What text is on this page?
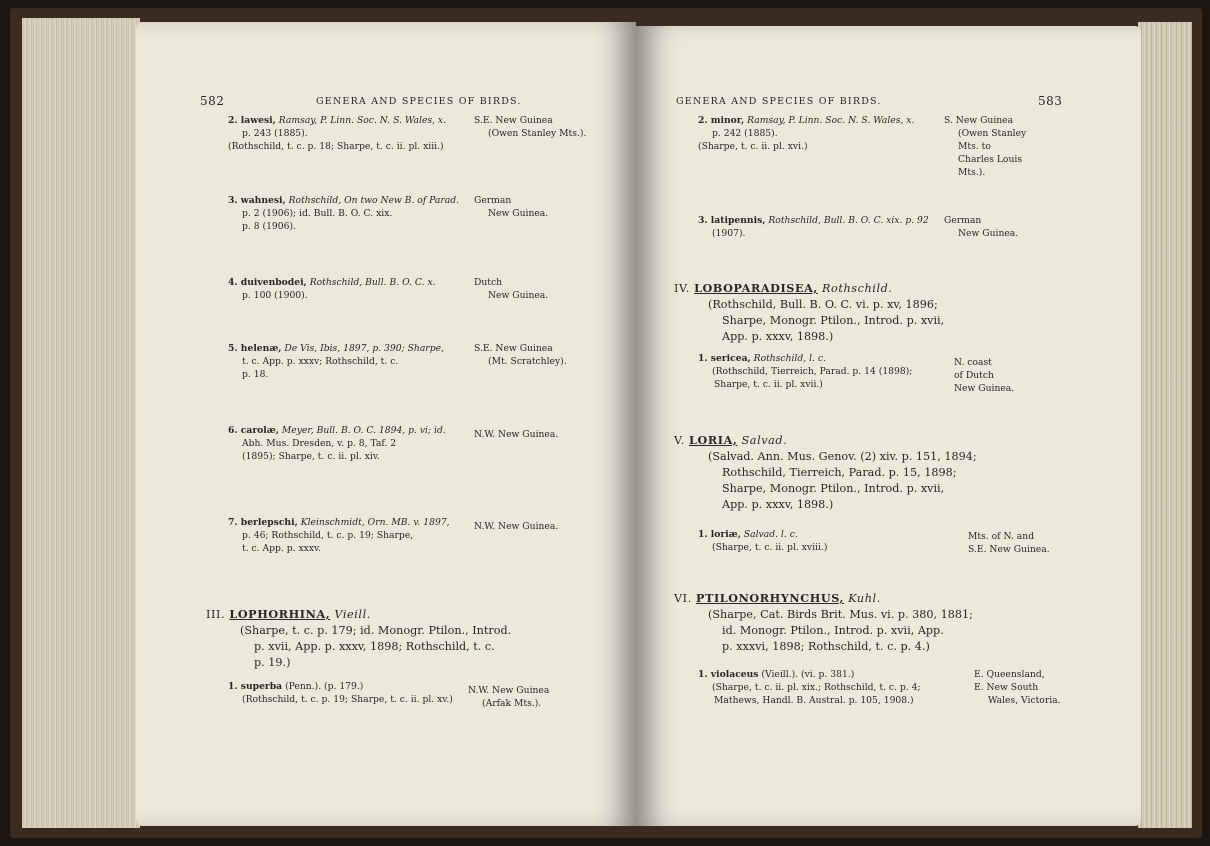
582	GENERA AND SPECIES OF BIRDS.
2. lawesi, Ramsay, P. Linn. Soc. N. S. Wales, x.
p. 243 (1885).
(Rothschild, t. c. p. 18; Sharpe, t. c. ii. pl. xiii.)
S.E. New Guinea
(Owen Stanley Mts.).
3. wahnesi, Rothschild, On two New B. of Parad.
p. 2 (1906); id. Bull. B. O. C. xix.
p. 8 (1906).
German
New Guinea.
4. duivenbodei, Rothschild, Bull. B. O. C. x.
p. 100 (1900).
Dutch
New Guinea.
5. helenæ, De Vis, Ibis, 1897, p. 390; Sharpe,
t. c. App. p. xxxv; Rothschild, t. c.
p. 18.
S.E. New Guinea
(Mt. Scratchley).
6. carolæ, Meyer, Bull. B. O. C. 1894, p. vi; id.
Abh. Mus. Dresden, v. p. 8, Taf. 2
(1895); Sharpe, t. c. ii. pl. xiv.
N.W. New Guinea.
7. berlepschi, Kleinschmidt, Orn. MB. v. 1897,
p. 46; Rothschild, t. c. p. 19; Sharpe,
t. c. App. p. xxxv.
N.W. New Guinea.
III. LOPHORHINA, Vieill.
(Sharpe, t. c. p. 179; id. Monogr. Ptilon., Introd.
p. xvii, App. p. xxxv, 1898; Rothschild, t. c.
p. 19.)
1. superba (Penn.). (p. 179.)
(Rothschild, t. c. p. 19; Sharpe, t. c. ii. pl. xv.)
N.W. New Guinea
(Arfak Mts.).
GENERA AND SPECIES OF BIRDS.	583
2. minor, Ramsay, P. Linn. Soc. N. S. Wales, x.
p. 242 (1885).
(Sharpe, t. c. ii. pl. xvi.)
S. New Guinea
(Owen Stanley
Mts. to
Charles Louis
Mts.).
3. latipennis, Rothschild, Bull. B. O. C. xix. p. 92
(1907).
German
New Guinea.
IV. LOBOPARADISEA, Rothschild.
(Rothschild, Bull. B. O. C. vi. p. xv, 1896;
Sharpe, Monogr. Ptilon., Introd. p. xvii,
App. p. xxxv, 1898.)
1. sericea, Rothschild, l. c.
(Rothschild, Tierreich, Parad. p. 14 (1898);
Sharpe, t. c. ii. pl. xvii.)
N. coast
of Dutch
New Guinea.
V. LORIA, Salvad.
(Salvad. Ann. Mus. Genov. (2) xiv. p. 151, 1894;
Rothschild, Tierreich, Parad. p. 15, 1898;
Sharpe, Monogr. Ptilon., Introd. p. xvii,
App. p. xxxv, 1898.)
1. loriæ, Salvad. l. c.
(Sharpe, t. c. ii. pl. xviii.)
Mts. of N. and
S.E. New Guinea.
VI. PTILONORHYNCHUS, Kuhl.
(Sharpe, Cat. Birds Brit. Mus. vi. p. 380, 1881;
id. Monogr. Ptilon., Introd. p. xvii, App.
p. xxxvi, 1898; Rothschild, t. c. p. 4.)
1. violaceus (Vieill.). (vi. p. 381.)
(Sharpe, t. c. ii. pl. xix.; Rothschild, t. c. p. 4;
Mathews, Handl. B. Austral. p. 105, 1908.)
E. Queensland,
E. New South
Wales, Victoria.
